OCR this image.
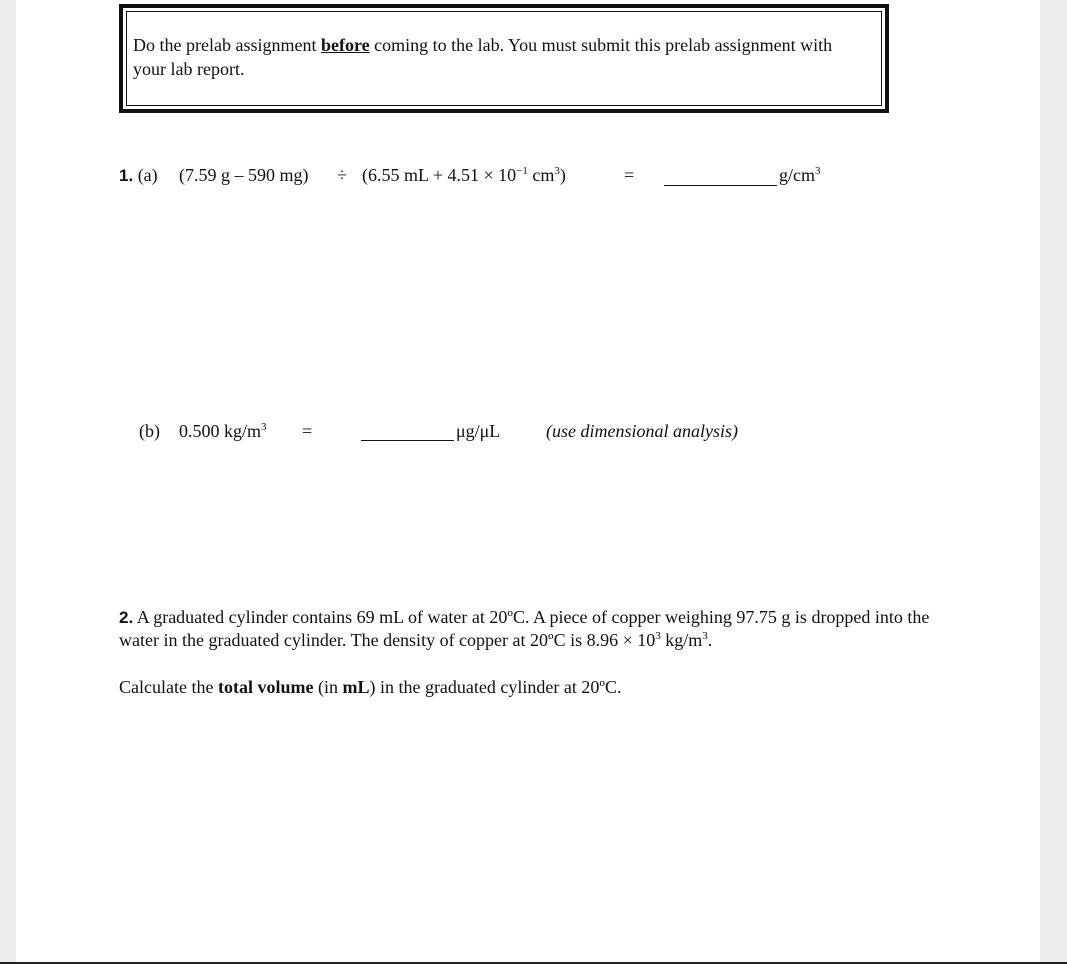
Do the prelab assignment before coming to the lab. You must submit this prelab assignment with your lab report.
1. (a) (7.59 g – 590 mg) ÷ (6.55 mL + $4.51 \times 10^{-1}$ $cm^3$)	=	$g/cm^3$
(b) 0.500 $kg/m^3$ =	μg/μL	(use dimensional analysis)
2. A graduated cylinder contains 69 mL of water at 20ºC. A piece of copper weighing 97.75 g is dropped into the water in the graduated cylinder. The density of copper at 20ºC is $8.96 \times 10^3$ $kg/m^3$.
Calculate the total volume (in mL) in the graduated cylinder at 20ºC.
